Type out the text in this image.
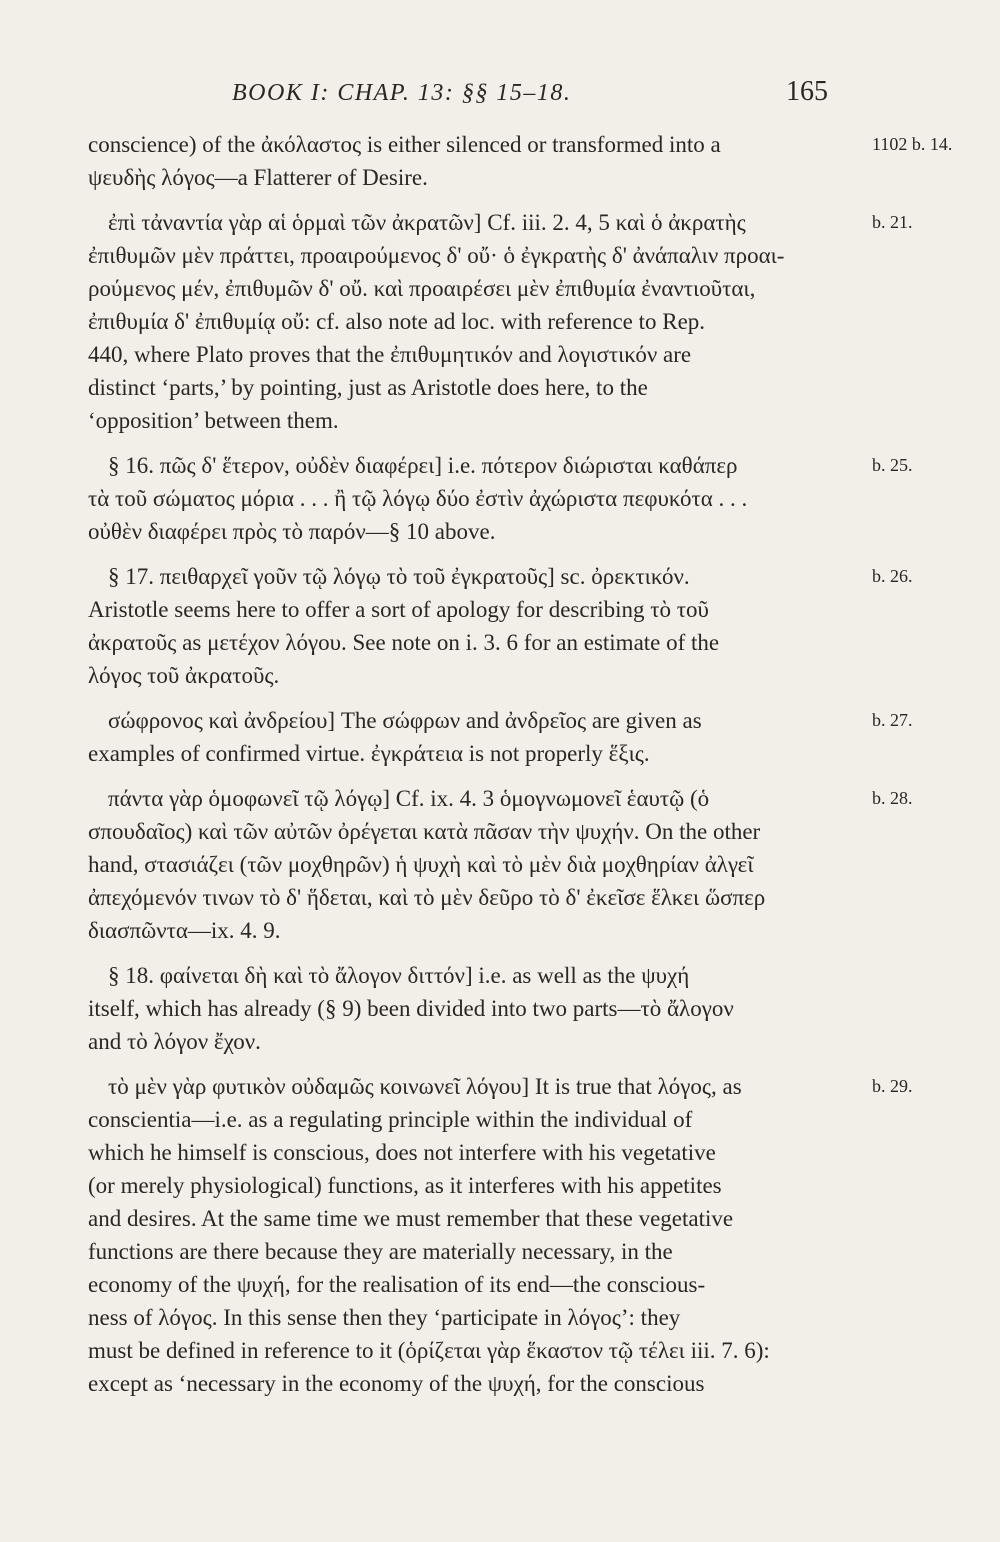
BOOK I: CHAP. 13: §§ 15–18.	165
conscience) of the ἀκόλαστος is either silenced or transformed into a	1102 b. 14.
ψευδὴς λόγος—a Flatterer of Desire.
ἐπὶ τἀναντία γὰρ αἱ ὁρμαὶ τῶν ἀκρατῶν] Cf. iii. 2. 4, 5 καὶ ὁ ἀκρατὴς	b. 21.
ἐπιθυμῶν μὲν πράττει, προαιρούμενος δ' οὔ· ὁ ἐγκρατὴς δ' ἀνάπαλιν προαι-
ρούμενος μέν, ἐπιθυμῶν δ' οὔ. καὶ προαιρέσει μὲν ἐπιθυμία ἐναντιοῦται,
ἐπιθυμία δ' ἐπιθυμίᾳ οὔ: cf. also note ad loc. with reference to Rep.
440, where Plato proves that the ἐπιθυμητικόν and λογιστικόν are
distinct ‘parts,’ by pointing, just as Aristotle does here, to the
‘opposition’ between them.
§ 16. πῶς δ' ἕτερον, οὐδὲν διαφέρει] i.e. πότερον διώρισται καθάπερ	b. 25.
τὰ τοῦ σώματος μόρια . . . ἢ τῷ λόγῳ δύο ἐστὶν ἀχώριστα πεφυκότα . . .
οὐθὲν διαφέρει πρὸς τὸ παρόν—§ 10 above.
§ 17. πειθαρχεῖ γοῦν τῷ λόγῳ τὸ τοῦ ἐγκρατοῦς] sc. ὀρεκτικόν.	b. 26.
Aristotle seems here to offer a sort of apology for describing τὸ τοῦ
ἀκρατοῦς as μετέχον λόγου. See note on i. 3. 6 for an estimate of the
λόγος τοῦ ἀκρατοῦς.
σώφρονος καὶ ἀνδρείου] The σώφρων and ἀνδρεῖος are given as	b. 27.
examples of confirmed virtue. ἐγκράτεια is not properly ἕξις.
πάντα γὰρ ὁμοφωνεῖ τῷ λόγῳ] Cf. ix. 4. 3 ὁμογνωμονεῖ ἑαυτῷ (ὁ	b. 28.
σπουδαῖος) καὶ τῶν αὐτῶν ὀρέγεται κατὰ πᾶσαν τὴν ψυχήν. On the other
hand, στασιάζει (τῶν μοχθηρῶν) ἡ ψυχὴ καὶ τὸ μὲν διὰ μοχθηρίαν ἀλγεῖ
ἀπεχόμενόν τινων τὸ δ' ἥδεται, καὶ τὸ μὲν δεῦρο τὸ δ' ἐκεῖσε ἕλκει ὥσπερ
διασπῶντα—ix. 4. 9.
§ 18. φαίνεται δὴ καὶ τὸ ἄλογον διττόν] i.e. as well as the ψυχή
itself, which has already (§ 9) been divided into two parts—τὸ ἄλογον
and τὸ λόγον ἔχον.
τὸ μὲν γὰρ φυτικὸν οὐδαμῶς κοινωνεῖ λόγου] It is true that λόγος, as	b. 29.
conscientia—i.e. as a regulating principle within the individual of
which he himself is conscious, does not interfere with his vegetative
(or merely physiological) functions, as it interferes with his appetites
and desires. At the same time we must remember that these vegetative
functions are there because they are materially necessary, in the
economy of the ψυχή, for the realisation of its end—the conscious-
ness of λόγος. In this sense then they ‘participate in λόγος’: they
must be defined in reference to it (ὁρίζεται γὰρ ἕκαστον τῷ τέλει iii. 7. 6):
except as ‘necessary in the economy of the ψυχή, for the conscious
